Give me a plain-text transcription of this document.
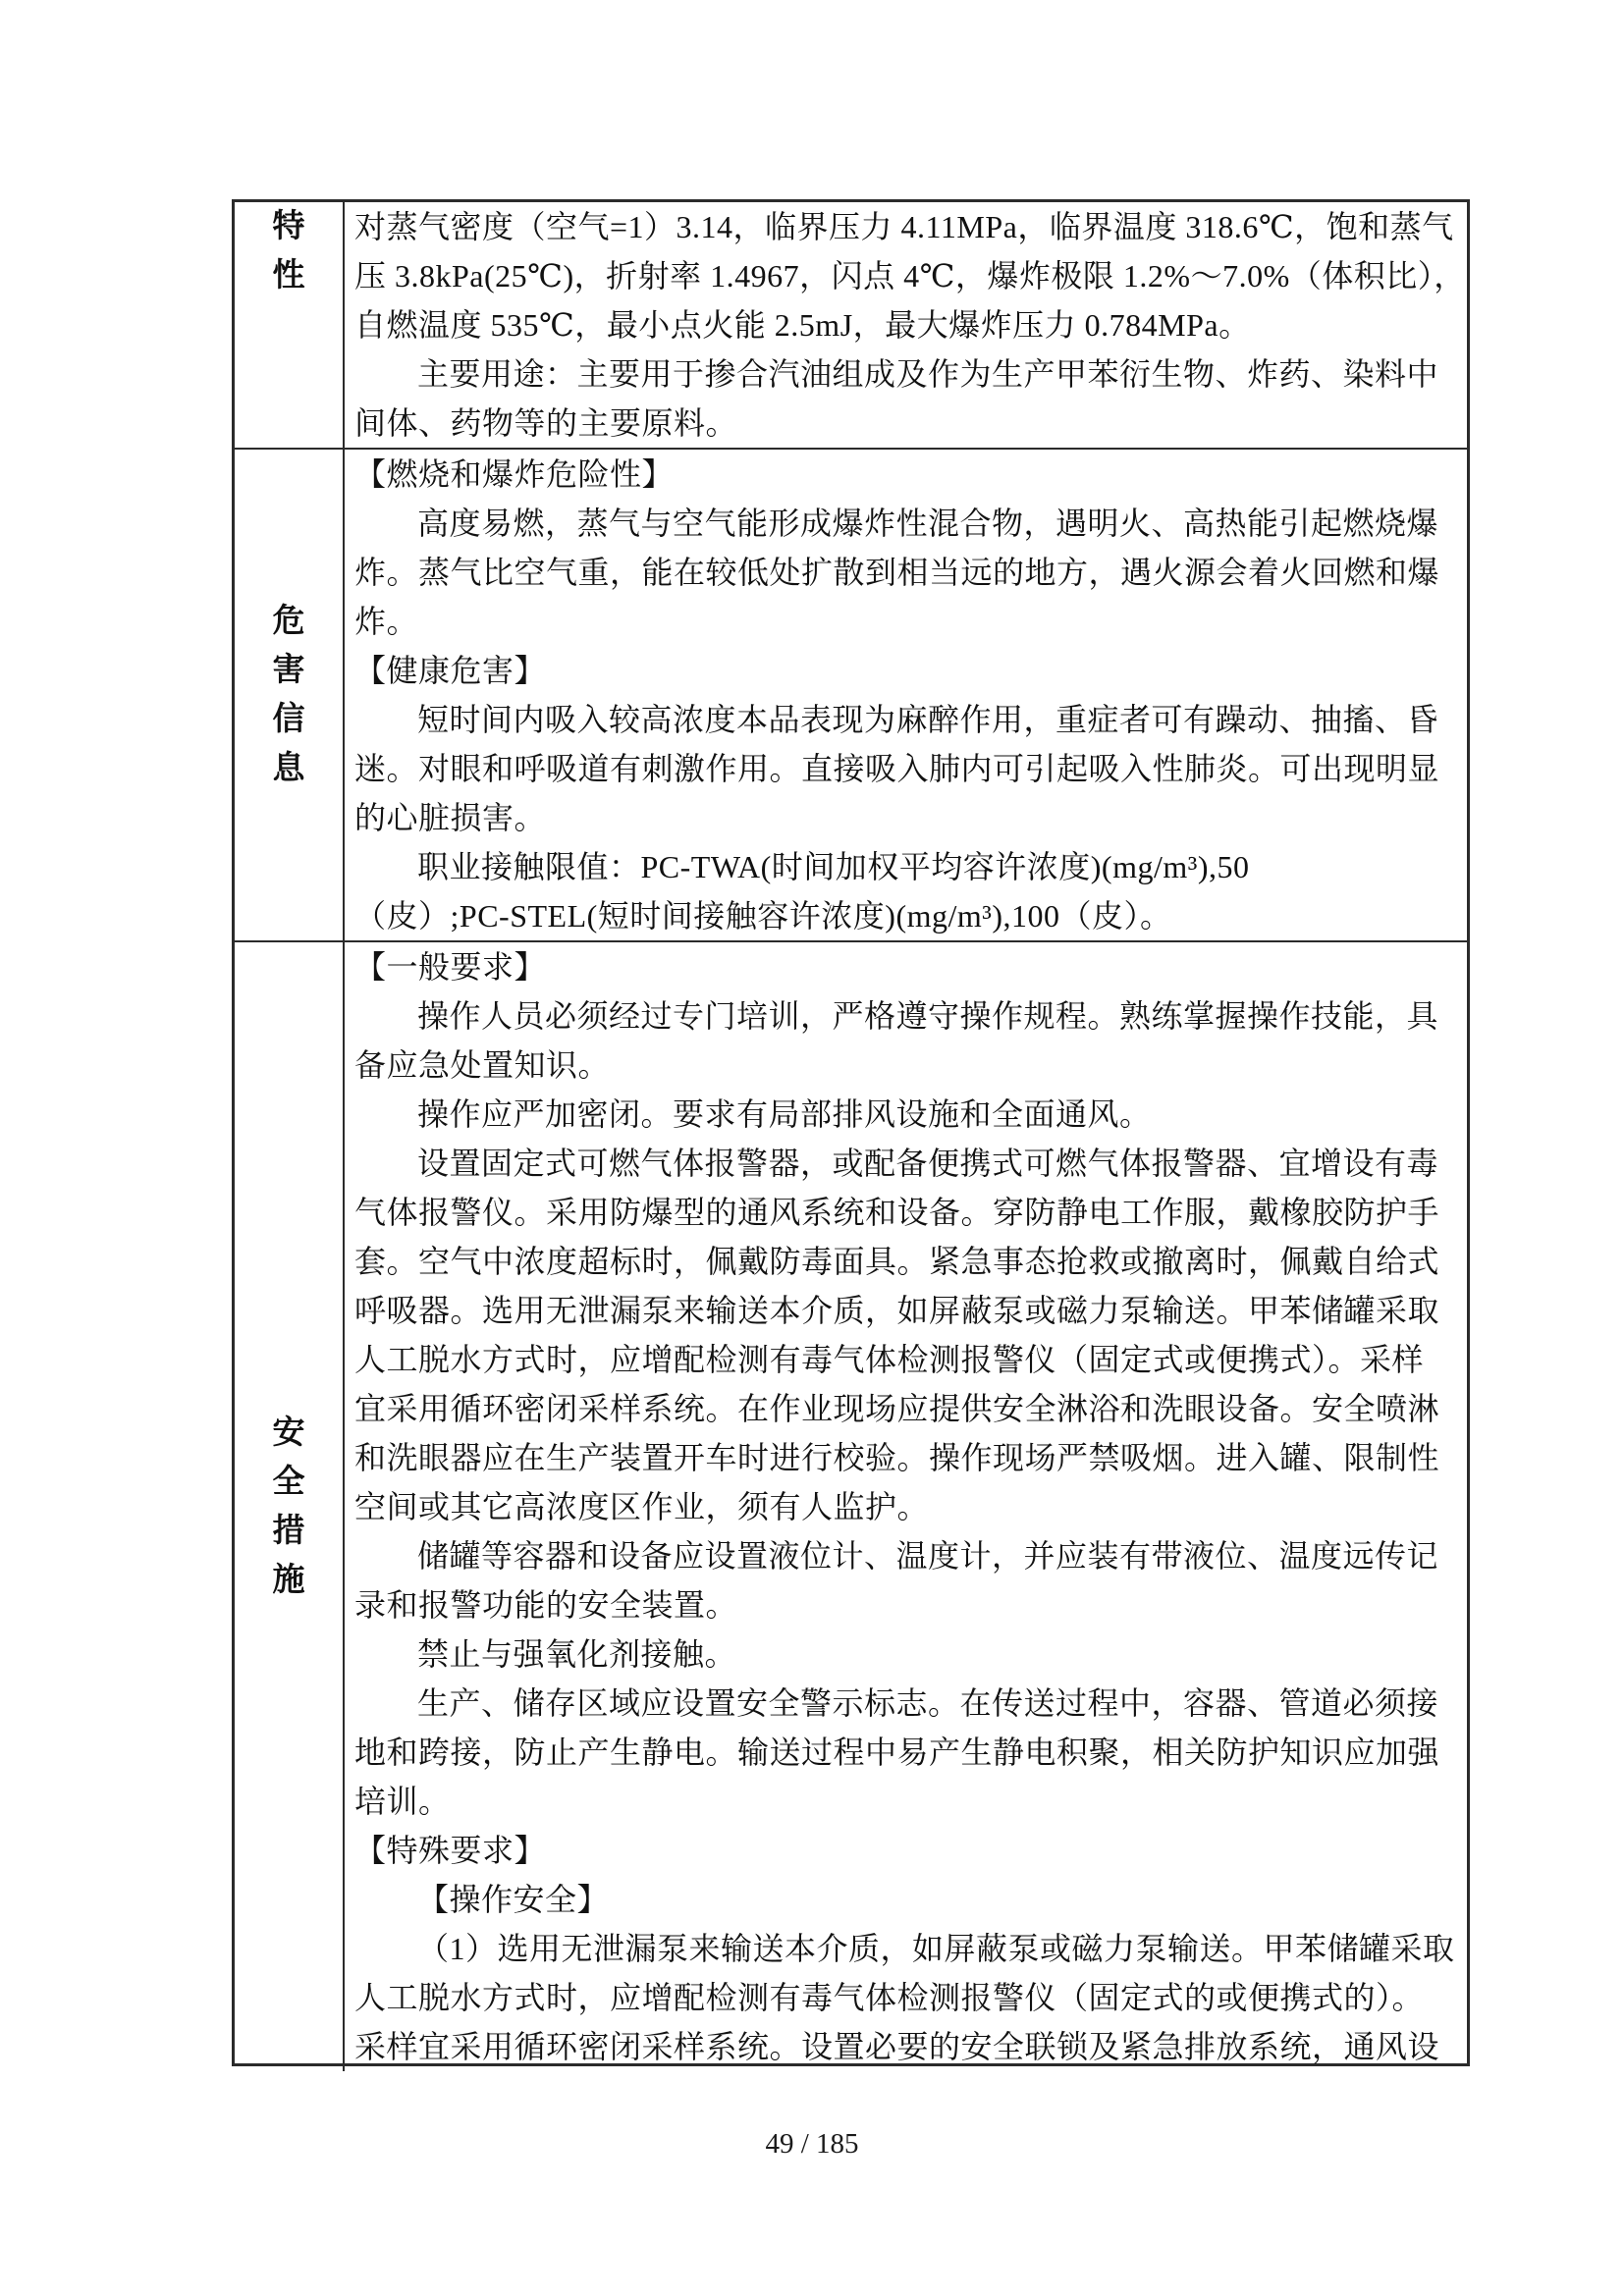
特
性
对蒸气密度（空气=1）3.14，临界压力 4.11MPa，临界温度 318.6℃，饱和蒸气
压 3.8kPa(25℃)，折射率 1.4967，闪点 4℃，爆炸极限 1.2%～7.0%（体积比），
自燃温度 535℃，最小点火能 2.5mJ，最大爆炸压力 0.784MPa。
主要用途：主要用于掺合汽油组成及作为生产甲苯衍生物、炸药、染料中
间体、药物等的主要原料。
危
害
信
息
【燃烧和爆炸危险性】
高度易燃，蒸气与空气能形成爆炸性混合物，遇明火、高热能引起燃烧爆
炸。蒸气比空气重，能在较低处扩散到相当远的地方，遇火源会着火回燃和爆
炸。
【健康危害】
短时间内吸入较高浓度本品表现为麻醉作用，重症者可有躁动、抽搐、昏
迷。对眼和呼吸道有刺激作用。直接吸入肺内可引起吸入性肺炎。可出现明显
的心脏损害。
职业接触限值：PC-TWA(时间加权平均容许浓度)(mg/m³),50
（皮）;PC-STEL(短时间接触容许浓度)(mg/m³),100（皮）。
安
全
措
施
【一般要求】
操作人员必须经过专门培训，严格遵守操作规程。熟练掌握操作技能，具
备应急处置知识。
操作应严加密闭。要求有局部排风设施和全面通风。
设置固定式可燃气体报警器，或配备便携式可燃气体报警器、宜增设有毒
气体报警仪。采用防爆型的通风系统和设备。穿防静电工作服，戴橡胶防护手
套。空气中浓度超标时，佩戴防毒面具。紧急事态抢救或撤离时，佩戴自给式
呼吸器。选用无泄漏泵来输送本介质，如屏蔽泵或磁力泵输送。甲苯储罐采取
人工脱水方式时，应增配检测有毒气体检测报警仪（固定式或便携式）。采样
宜采用循环密闭采样系统。在作业现场应提供安全淋浴和洗眼设备。安全喷淋
和洗眼器应在生产装置开车时进行校验。操作现场严禁吸烟。进入罐、限制性
空间或其它高浓度区作业，须有人监护。
储罐等容器和设备应设置液位计、温度计，并应装有带液位、温度远传记
录和报警功能的安全装置。
禁止与强氧化剂接触。
生产、储存区域应设置安全警示标志。在传送过程中，容器、管道必须接
地和跨接，防止产生静电。输送过程中易产生静电积聚，相关防护知识应加强
培训。
【特殊要求】
【操作安全】
（1）选用无泄漏泵来输送本介质，如屏蔽泵或磁力泵输送。甲苯储罐采取
人工脱水方式时，应增配检测有毒气体检测报警仪（固定式的或便携式的）。
采样宜采用循环密闭采样系统。设置必要的安全联锁及紧急排放系统，通风设
49 / 185
